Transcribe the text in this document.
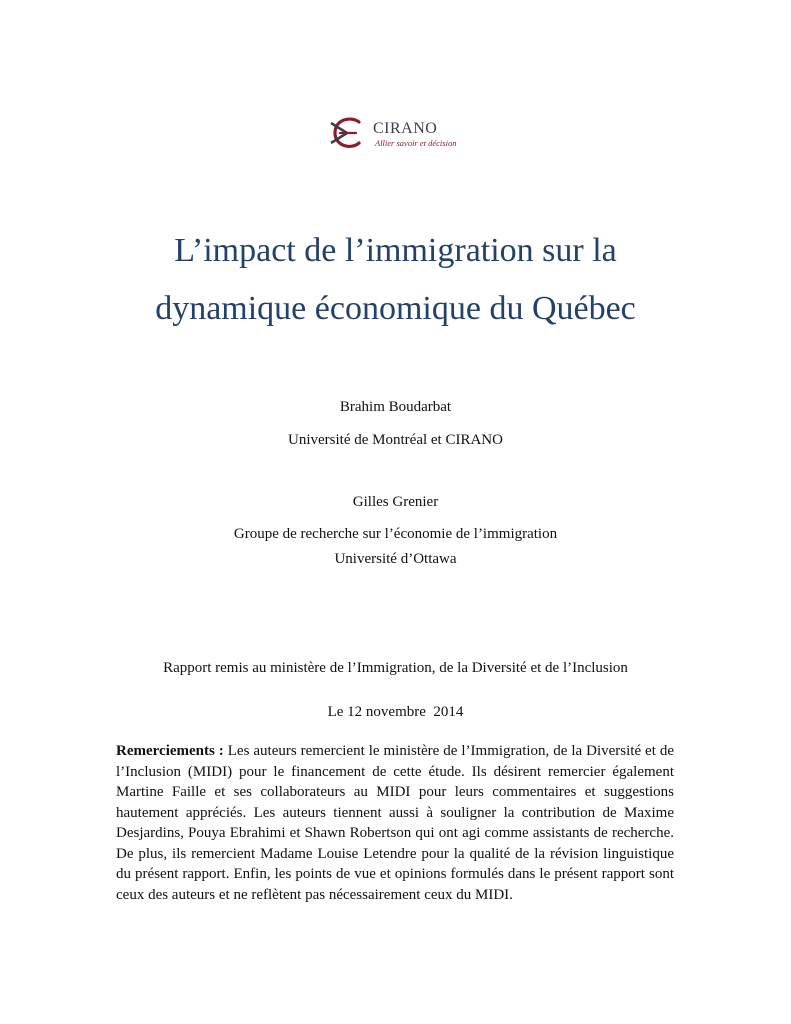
CIRANO
Allier savoir et décision
L’impact de l’immigration sur la
dynamique économique du Québec
Brahim Boudarbat
Université de Montréal et CIRANO
Gilles Grenier
Groupe de recherche sur l’économie de l’immigration
Université d’Ottawa
Rapport remis au ministère de l’Immigration, de la Diversité et de l’Inclusion
Le 12 novembre  2014
Remerciements : Les auteurs remercient le ministère de l’Immigration, de la Diversité et de l’Inclusion (MIDI) pour le financement de cette étude. Ils désirent remercier également Martine Faille et ses collaborateurs au MIDI pour leurs commentaires et suggestions hautement appréciés. Les auteurs tiennent aussi à souligner la contribution de Maxime Desjardins, Pouya Ebrahimi et Shawn Robertson qui ont agi comme assistants de recherche. De plus, ils remercient Madame Louise Letendre pour la qualité de la révision linguistique du présent rapport. Enfin, les points de vue et opinions formulés dans le présent rapport sont ceux des auteurs et ne reflètent pas nécessairement ceux du MIDI.
